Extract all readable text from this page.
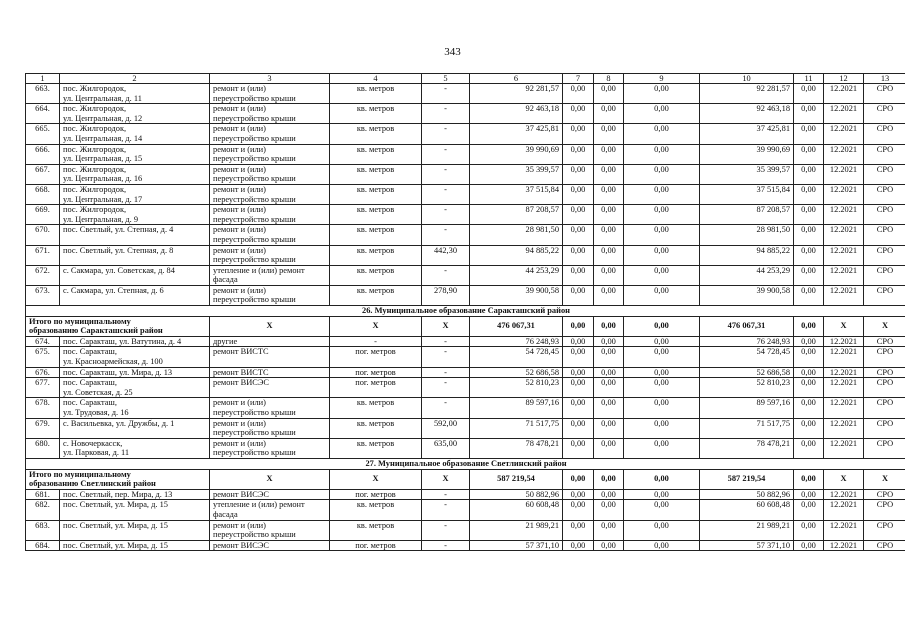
343
1	2	3	4	5	6	7	8	9	10	11	12	13
663.	пос. Жилгородок,
ул. Центральная, д. 11	ремонт и (или)
переустройство крыши	кв. метров	-	92 281,57	0,00	0,00	0,00	92 281,57	0,00	12.2021	СРО
664.	пос. Жилгородок,
ул. Центральная, д. 12	ремонт и (или)
переустройство крыши	кв. метров	-	92 463,18	0,00	0,00	0,00	92 463,18	0,00	12.2021	СРО
665.	пос. Жилгородок,
ул. Центральная, д. 14	ремонт и (или)
переустройство крыши	кв. метров	-	37 425,81	0,00	0,00	0,00	37 425,81	0,00	12.2021	СРО
666.	пос. Жилгородок,
ул. Центральная, д. 15	ремонт и (или)
переустройство крыши	кв. метров	-	39 990,69	0,00	0,00	0,00	39 990,69	0,00	12.2021	СРО
667.	пос. Жилгородок,
ул. Центральная, д. 16	ремонт и (или)
переустройство крыши	кв. метров	-	35 399,57	0,00	0,00	0,00	35 399,57	0,00	12.2021	СРО
668.	пос. Жилгородок,
ул. Центральная, д. 17	ремонт и (или)
переустройство крыши	кв. метров	-	37 515,84	0,00	0,00	0,00	37 515,84	0,00	12.2021	СРО
669.	пос. Жилгородок,
ул. Центральная, д. 9	ремонт и (или)
переустройство крыши	кв. метров	-	87 208,57	0,00	0,00	0,00	87 208,57	0,00	12.2021	СРО
670.	пос. Светлый, ул. Степная, д. 4	ремонт и (или)
переустройство крыши	кв. метров	-	28 981,50	0,00	0,00	0,00	28 981,50	0,00	12.2021	СРО
671.	пос. Светлый, ул. Степная, д. 8	ремонт и (или)
переустройство крыши	кв. метров	442,30	94 885,22	0,00	0,00	0,00	94 885,22	0,00	12.2021	СРО
672.	с. Сакмара, ул. Советская, д. 84	утепление и (или) ремонт
фасада	кв. метров	-	44 253,29	0,00	0,00	0,00	44 253,29	0,00	12.2021	СРО
673.	с. Сакмара, ул. Степная, д. 6	ремонт и (или)
переустройство крыши	кв. метров	278,90	39 900,58	0,00	0,00	0,00	39 900,58	0,00	12.2021	СРО
26. Муниципальное образование Саракташский район												
Итого по муниципальному
образованию Саракташский район		X	X	X	476 067,31	0,00	0,00	0,00	476 067,31	0,00	X	X
674.	пос. Саракташ, ул. Ватутина, д. 4	другие	-	-	76 248,93	0,00	0,00	0,00	76 248,93	0,00	12.2021	СРО
675.	пос. Саракташ,
ул. Красноармейская, д. 100	ремонт ВИСТС	пог. метров	-	54 728,45	0,00	0,00	0,00	54 728,45	0,00	12.2021	СРО
676.	пос. Саракташ, ул. Мира, д. 13	ремонт ВИСТС	пог. метров	-	52 686,58	0,00	0,00	0,00	52 686,58	0,00	12.2021	СРО
677.	пос. Саракташ,
ул. Советская, д. 25	ремонт ВИСЭС	пог. метров	-	52 810,23	0,00	0,00	0,00	52 810,23	0,00	12.2021	СРО
678.	пос. Саракташ,
ул. Трудовая, д. 16	ремонт и (или)
переустройство крыши	кв. метров	-	89 597,16	0,00	0,00	0,00	89 597,16	0,00	12.2021	СРО
679.	с. Васильевка, ул. Дружбы, д. 1	ремонт и (или)
переустройство крыши	кв. метров	592,00	71 517,75	0,00	0,00	0,00	71 517,75	0,00	12.2021	СРО
680.	с. Новочеркасск,
ул. Парковая, д. 11	ремонт и (или)
переустройство крыши	кв. метров	635,00	78 478,21	0,00	0,00	0,00	78 478,21	0,00	12.2021	СРО
27. Муниципальное образование Светлинский район												
Итого по муниципальному
образованию Светлинский район		X	X	X	587 219,54	0,00	0,00	0,00	587 219,54	0,00	X	X
681.	пос. Светлый, пер. Мира, д. 13	ремонт ВИСЭС	пог. метров	-	50 882,96	0,00	0,00	0,00	50 882,96	0,00	12.2021	СРО
682.	пос. Светлый, ул. Мира, д. 15	утепление и (или) ремонт
фасада	кв. метров	-	60 608,48	0,00	0,00	0,00	60 608,48	0,00	12.2021	СРО
683.	пос. Светлый, ул. Мира, д. 15	ремонт и (или)
переустройство крыши	кв. метров	-	21 989,21	0,00	0,00	0,00	21 989,21	0,00	12.2021	СРО
684.	пос. Светлый, ул. Мира, д. 15	ремонт ВИСЭС	пог. метров	-	57 371,10	0,00	0,00	0,00	57 371,10	0,00	12.2021	СРО
